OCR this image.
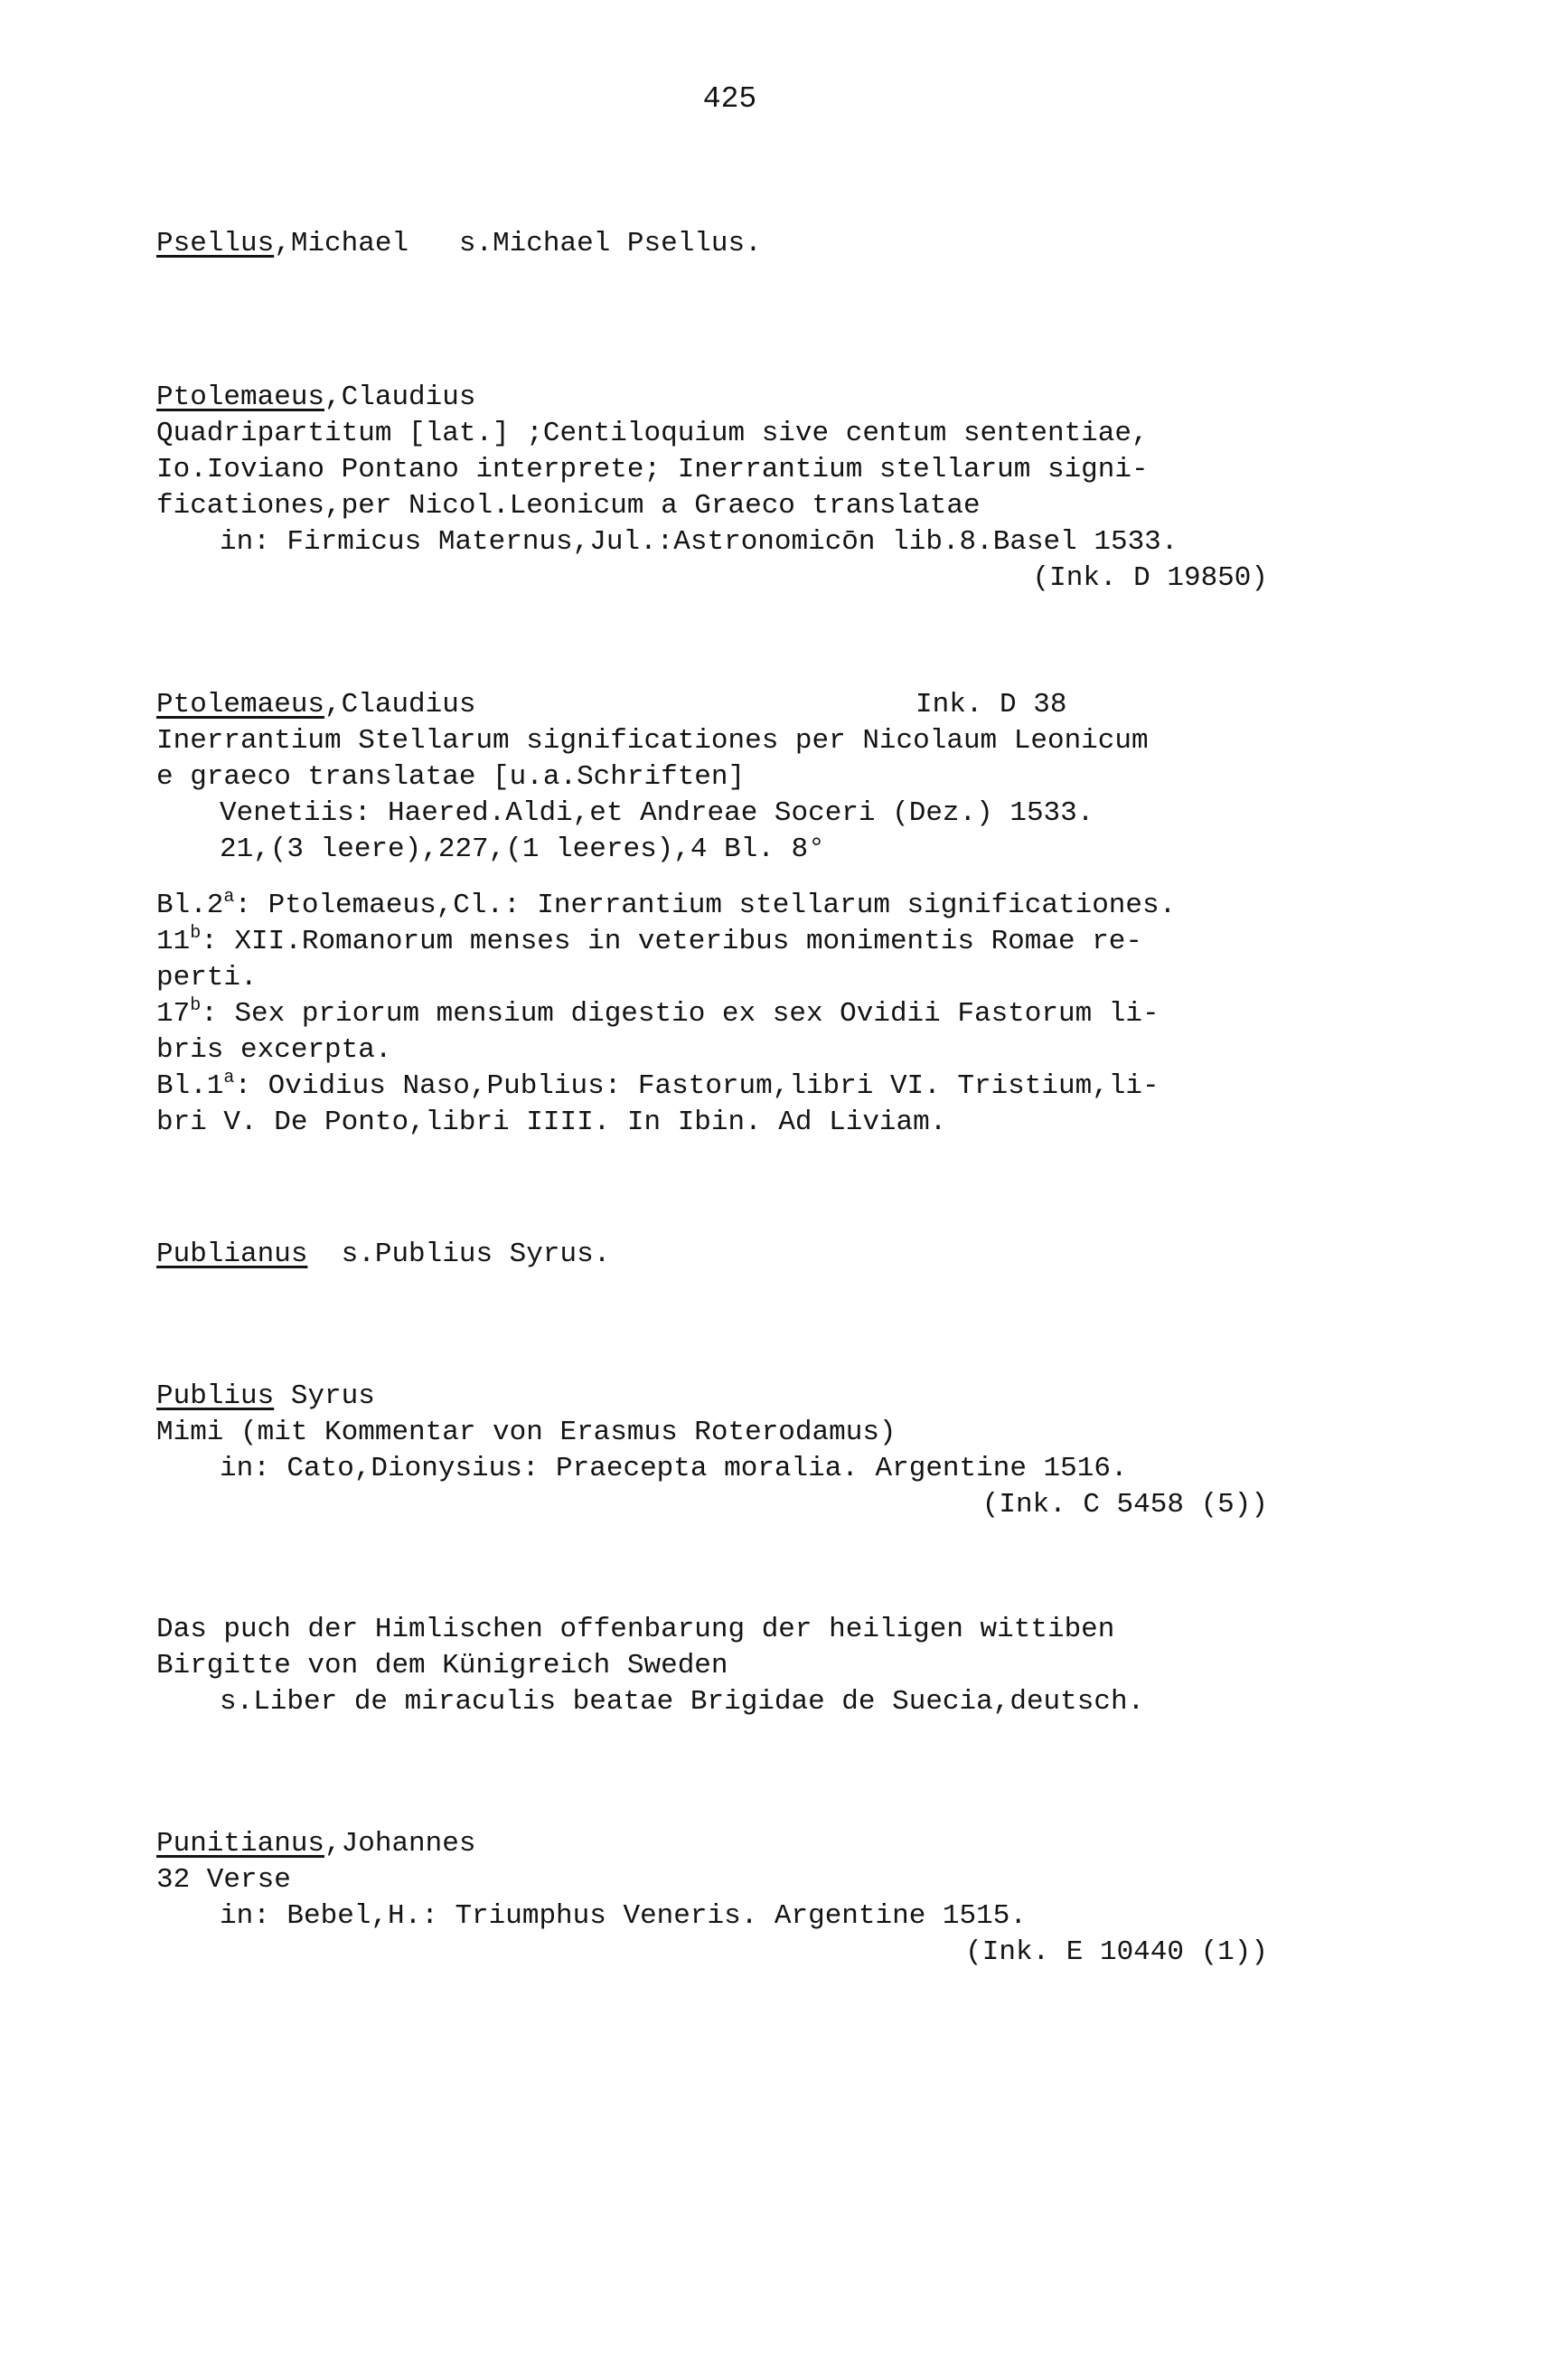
425
Psellus,Michael   s.Michael Psellus.
Ptolemaeus,Claudius
Quadripartitum [lat.] ;Centiloquium sive centum sententiae,
Io.Ioviano Pontano interprete; Inerrantium stellarum signi-
ficationes,per Nicol.Leonicum a Graeco translatae
in: Firmicus Maternus,Jul.:Astronomicōn lib.8.Basel 1533.
(Ink. D 19850)
Ptolemaeus,Claudius	Ink. D 38
Inerrantium Stellarum significationes per Nicolaum Leonicum
e graeco translatae [u.a.Schriften]
Venetiis: Haered.Aldi,et Andreae Soceri (Dez.) 1533.
21,(3 leere),227,(1 leeres),4 Bl. 8°
Bl.2$^a$: Ptolemaeus,Cl.: Inerrantium stellarum significationes.
11$^b$: XII.Romanorum menses in veteribus monimentis Romae re-
perti.
17$^b$: Sex priorum mensium digestio ex sex Ovidii Fastorum li-
bris excerpta.
Bl.1$^a$: Ovidius Naso,Publius: Fastorum,libri VI. Tristium,li-
bri V. De Ponto,libri IIII. In Ibin. Ad Liviam.
Publianus  s.Publius Syrus.
Publius Syrus
Mimi (mit Kommentar von Erasmus Roterodamus)
in: Cato,Dionysius: Praecepta moralia. Argentine 1516.
(Ink. C 5458 (5))
Das puch der Himlischen offenbarung der heiligen wittiben
Birgitte von dem Künigreich Sweden
s.Liber de miraculis beatae Brigidae de Suecia,deutsch.
Punitianus,Johannes
32 Verse
in: Bebel,H.: Triumphus Veneris. Argentine 1515.
(Ink. E 10440 (1))
